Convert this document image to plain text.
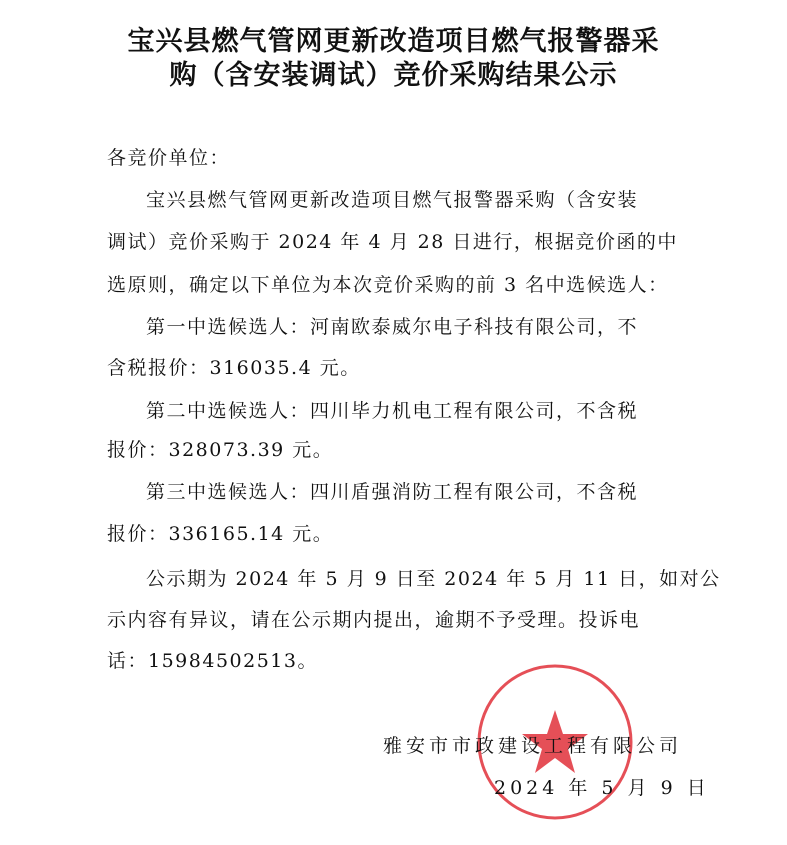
宝兴县燃气管网更新改造项目燃气报警器采
购（含安装调试）竞价采购结果公示
各竞价单位：
宝兴县燃气管网更新改造项目燃气报警器采购（含安装
调试）竞价采购于 2024 年 4 月 28 日进行，根据竞价函的中
选原则，确定以下单位为本次竞价采购的前 3 名中选候选人：
第一中选候选人：河南欧泰威尔电子科技有限公司，不
含税报价：316035.4 元。
第二中选候选人：四川毕力机电工程有限公司，不含税
报价：328073.39 元。
第三中选候选人：四川盾强消防工程有限公司，不含税
报价：336165.14 元。
公示期为 2024 年 5 月 9 日至 2024 年 5 月 11 日，如对公
示内容有异议，请在公示期内提出，逾期不予受理。投诉电
话：15984502513。
雅安市市政建设工程有限公司
2024 年 5 月 9 日
